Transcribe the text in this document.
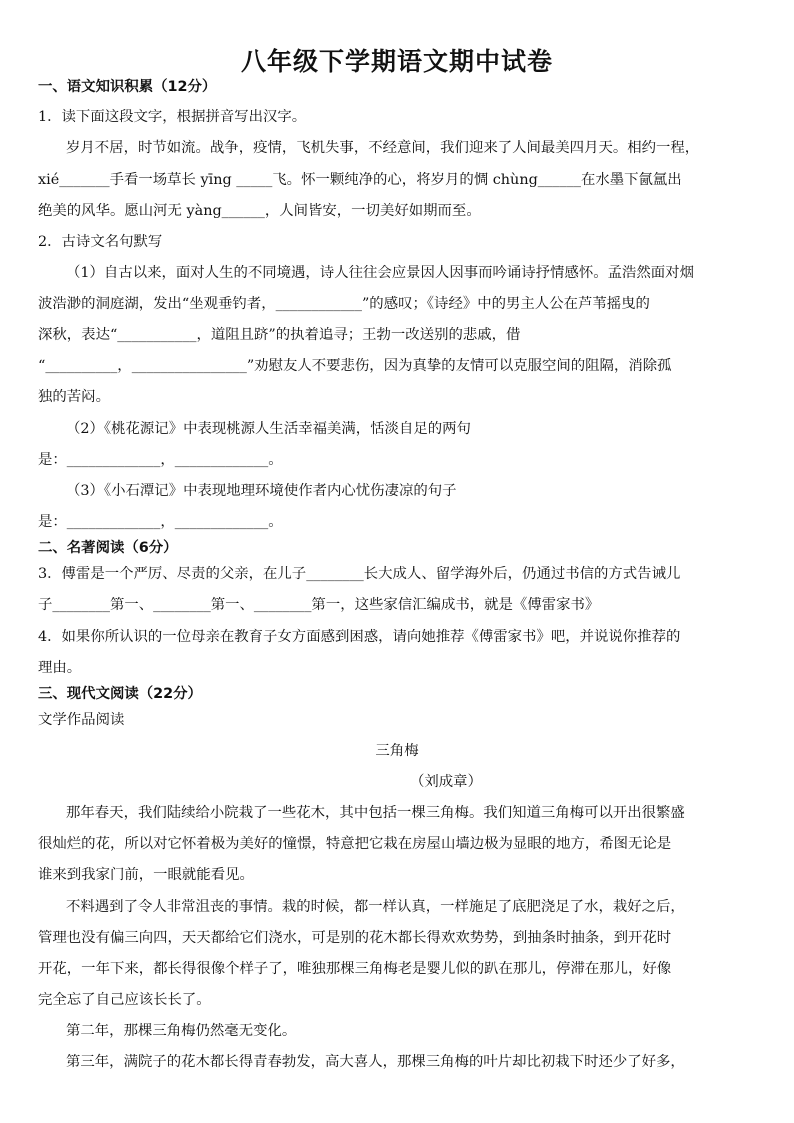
八年级下学期语文期中试卷
一、语文知识积累（12分）
1．读下面这段文字，根据拼音写出汉字。
岁月不居，时节如流。战争，疫情，飞机失事，不经意间，我们迎来了人间最美四月天。相约一程，
xié_______手看一场草长 yīng _____飞。怀一颗纯净的心，将岁月的惆 chùng______在水墨下氤氲出
绝美的风华。愿山河无 yàng______，人间皆安，一切美好如期而至。
2．古诗文名句默写
（1）自古以来，面对人生的不同境遇，诗人往往会应景因人因事而吟诵诗抒情感怀。孟浩然面对烟
波浩渺的洞庭湖，发出“坐观垂钓者，____________”的感叹；《诗经》中的男主人公在芦苇摇曳的
深秋，表达“___________，道阻且跻”的执着追寻；王勃一改送别的悲戚，借
“__________，________________”劝慰友人不要悲伤，因为真挚的友情可以克服空间的阻隔，消除孤
独的苦闷。
（2）《桃花源记》中表现桃源人生活幸福美满，恬淡自足的两句
是：_____________，_____________。
（3）《小石潭记》中表现地理环境使作者内心忧伤凄凉的句子
是：_____________，_____________。
二、名著阅读（6分）
3．傅雷是一个严厉、尽责的父亲，在儿子________长大成人、留学海外后，仍通过书信的方式告诫儿
子________第一、________第一、________第一，这些家信汇编成书，就是《傅雷家书》
4．如果你所认识的一位母亲在教育子女方面感到困惑，请向她推荐《傅雷家书》吧，并说说你推荐的
理由。
三、现代文阅读（22分）
文学作品阅读
三角梅
（刘成章）
那年春天，我们陆续给小院栽了一些花木，其中包括一棵三角梅。我们知道三角梅可以开出很繁盛
很灿烂的花，所以对它怀着极为美好的憧憬，特意把它栽在房屋山墙边极为显眼的地方，希图无论是
谁来到我家门前，一眼就能看见。
不料遇到了令人非常沮丧的事情。栽的时候，都一样认真，一样施足了底肥浇足了水，栽好之后，
管理也没有偏三向四，天天都给它们浇水，可是别的花木都长得欢欢势势，到抽条时抽条，到开花时
开花，一年下来，都长得很像个样子了，唯独那棵三角梅老是婴儿似的趴在那儿，停滞在那儿，好像
完全忘了自己应该长长了。
第二年，那棵三角梅仍然毫无变化。
第三年，满院子的花木都长得青春勃发，高大喜人，那棵三角梅的叶片却比初栽下时还少了好多，
